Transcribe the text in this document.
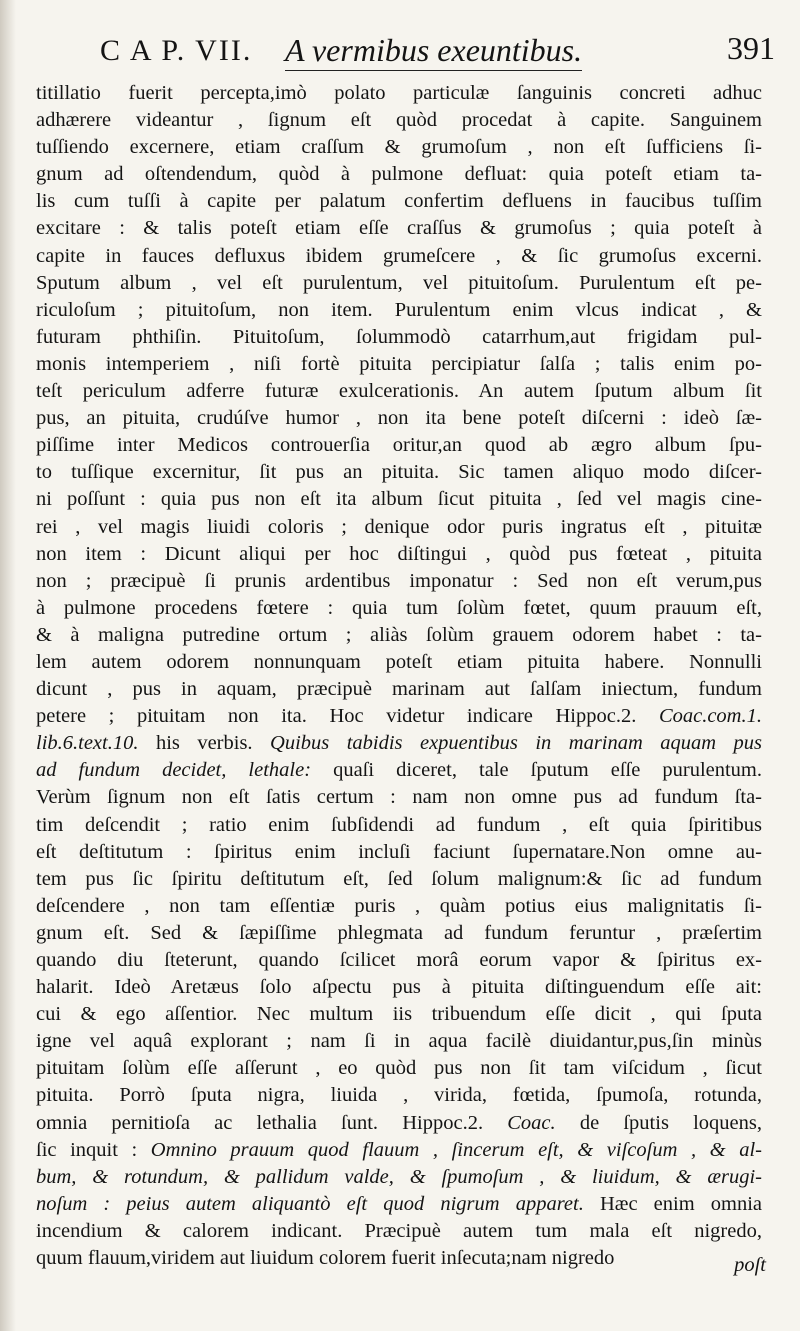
C A P. VII. A vermibus exeuntibus.	391
titillatio fuerit percepta,imò polato particulæ ſanguinis concreti adhuc
adhærere videantur , ſignum eſt quòd procedat à capite. Sanguinem
tuſſiendo excernere, etiam craſſum & grumoſum , non eſt ſufficiens ſi-
gnum ad oſtendendum, quòd à pulmone defluat: quia poteſt etiam ta-
lis cum tuſſi à capite per palatum confertim defluens in faucibus tuſſim
excitare : & talis poteſt etiam eſſe craſſus & grumoſus ; quia poteſt à
capite in fauces defluxus ibidem grumeſcere , & ſic grumoſus excerni.
Sputum album , vel eſt purulentum, vel pituitoſum. Purulentum eſt pe-
riculoſum ; pituitoſum, non item. Purulentum enim vlcus indicat , &
futuram phthiſin. Pituitoſum, ſolummodò catarrhum,aut frigidam pul-
monis intemperiem , niſi fortè pituita percipiatur ſalſa ; talis enim po-
teſt periculum adferre futuræ exulcerationis. An autem ſputum album ſit
pus, an pituita, crudúſve humor , non ita bene poteſt diſcerni : ideò ſæ-
piſſime inter Medicos controuerſia oritur,an quod ab ægro album ſpu-
to tuſſique excernitur, ſit pus an pituita. Sic tamen aliquo modo diſcer-
ni poſſunt : quia pus non eſt ita album ſicut pituita , ſed vel magis cine-
rei , vel magis liuidi coloris ; denique odor puris ingratus eſt , pituitæ
non item : Dicunt aliqui per hoc diſtingui , quòd pus fœteat , pituita
non ; præcipuè ſi prunis ardentibus imponatur : Sed non eſt verum,pus
à pulmone procedens fœtere : quia tum ſolùm fœtet, quum prauum eſt,
& à maligna putredine ortum ; aliàs ſolùm grauem odorem habet : ta-
lem autem odorem nonnunquam poteſt etiam pituita habere. Nonnulli
dicunt , pus in aquam, præcipuè marinam aut ſalſam iniectum, fundum
petere ; pituitam non ita. Hoc videtur indicare Hippoc.2. Coac.com.1.
lib.6.text.10. his verbis. Quibus tabidis expuentibus in marinam aquam pus
ad fundum decidet, lethale: quaſi diceret, tale ſputum eſſe purulentum.
Verùm ſignum non eſt ſatis certum : nam non omne pus ad fundum ſta-
tim deſcendit ; ratio enim ſubſidendi ad fundum , eſt quia ſpiritibus
eſt deſtitutum : ſpiritus enim incluſi faciunt ſupernatare.Non omne au-
tem pus ſic ſpiritu deſtitutum eſt, ſed ſolum malignum:& ſic ad fundum
deſcendere , non tam eſſentiæ puris , quàm potius eius malignitatis ſi-
gnum eſt. Sed & ſæpiſſime phlegmata ad fundum feruntur , præſertim
quando diu ſteterunt, quando ſcilicet morâ eorum vapor & ſpiritus ex-
halarit. Ideò Aretæus ſolo aſpectu pus à pituita diſtinguendum eſſe ait:
cui & ego aſſentior. Nec multum iis tribuendum eſſe dicit , qui ſputa
igne vel aquâ explorant ; nam ſi in aqua facilè diuidantur,pus,ſin minùs
pituitam ſolùm eſſe aſſerunt , eo quòd pus non ſit tam viſcidum , ſicut
pituita. Porrò ſputa nigra, liuida , virida, fœtida, ſpumoſa, rotunda,
omnia pernitioſa ac lethalia ſunt. Hippoc.2. Coac. de ſputis loquens,
ſic inquit : Omnino prauum quod flauum , ſincerum eſt, & viſcoſum , & al-
bum, & rotundum, & pallidum valde, & ſpumoſum , & liuidum, & ærugi-
noſum : peius autem aliquantò eſt quod nigrum apparet. Hæc enim omnia
incendium & calorem indicant. Præcipuè autem tum mala eſt nigredo,
quum flauum,viridem aut liuidum colorem fuerit inſecuta;nam nigredo	poſt
